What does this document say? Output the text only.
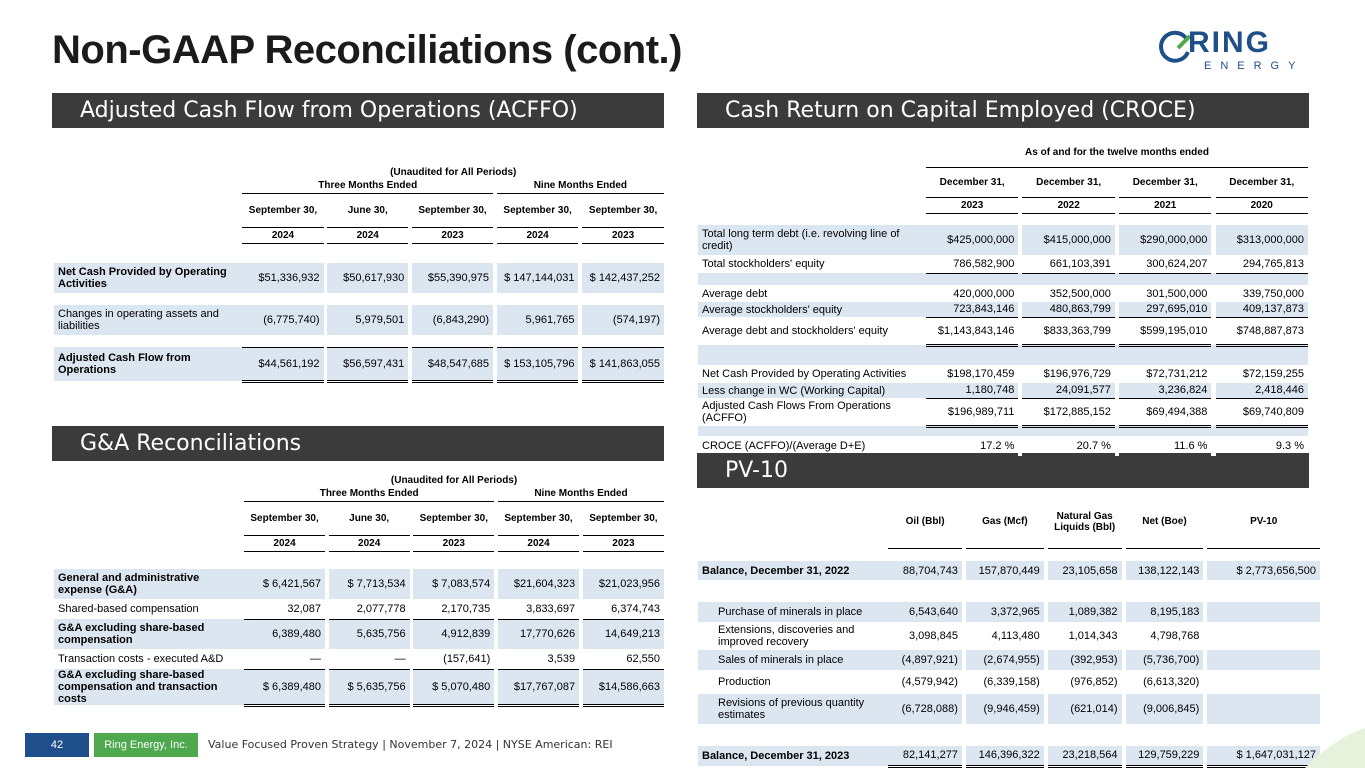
Non-GAAP Reconciliations (cont.)	RING
ENERGY
Adjusted Cash Flow from Operations (ACFFO)	Cash Return on Capital Employed (CROCE)
G&A Reconciliations
PV-10
	(Unaudited for All Periods)								
	Three Months Ended						Nine Months Ended		
	September 30,		June 30,		September 30,		September 30,		September 30,
	2024		2024		2023		2024		2023

Net Cash Provided by Operating Activities	$51,336,932		$50,617,930		$55,390,975		$ 147,144,031		$ 142,437,252

Changes in operating assets and liabilities	(6,775,740)		5,979,501		(6,843,290)		5,961,765		(574,197)

Adjusted Cash Flow from Operations	$44,561,192		$56,597,431		$48,547,685		$ 153,105,796		$ 141,863,055
	(Unaudited for All Periods)								
	Three Months Ended						Nine Months Ended		
	September 30,		June 30,		September 30,		September 30,		September 30,
	2024		2024		2023		2024		2023

General and administrative expense (G&A)	$ 6,421,567		$ 7,713,534		$ 7,083,574		$21,604,323		$21,023,956
Shared-based compensation	32,087		2,077,778		2,170,735		3,833,697		6,374,743
G&A excluding share-based compensation	6,389,480		5,635,756		4,912,839		17,770,626		14,649,213
Transaction costs - executed A&D	—		—		(157,641)		3,539		62,550
G&A excluding share-based compensation and transaction costs	$ 6,389,480		$ 5,635,756		$ 5,070,480		$17,767,087		$14,586,663
	As of and for the twelve months ended						
	December 31,		December 31,		December 31,		December 31,
	2023		2022		2021		2020

Total long term debt (i.e. revolving line of credit)	$425,000,000		$415,000,000		$290,000,000		$313,000,000
Total stockholders' equity	786,582,900		661,103,391		300,624,207		294,765,813

Average debt	420,000,000		352,500,000		301,500,000		339,750,000
Average stockholders' equity	723,843,146		480,863,799		297,695,010		409,137,873
Average debt and stockholders' equity	$1,143,843,146		$833,363,799		$599,195,010		$748,887,873

Net Cash Provided by Operating Activities	$198,170,459		$196,976,729		$72,731,212		$72,159,255
Less change in WC (Working Capital)	1,180,748		24,091,577		3,236,824		2,418,446
Adjusted Cash Flows From Operations (ACFFO)	$196,989,711		$172,885,152		$69,494,388		$69,740,809

CROCE (ACFFO)/(Average D+E)	17.2 %		20.7 %		11.6 %		9.3 %
	Oil (Bbl)		Gas (Mcf)		Natural Gas Liquids (Bbl)		Net (Boe)		PV-10

Balance, December 31, 2022	88,704,743		157,870,449		23,105,658		138,122,143		$ 2,773,656,500

Purchase of minerals in place	6,543,640		3,372,965		1,089,382		8,195,183		
Extensions, discoveries and improved recovery	3,098,845		4,113,480		1,014,343		4,798,768		
Sales of minerals in place	(4,897,921)		(2,674,955)		(392,953)		(5,736,700)		
Production	(4,579,942)		(6,339,158)		(976,852)		(6,613,320)		
Revisions of previous quantity estimates	(6,728,088)		(9,946,459)		(621,014)		(9,006,845)		

Balance, December 31, 2023	82,141,277		146,396,322		23,218,564		129,759,229		$ 1,647,031,127
42	Ring Energy, Inc.	Value Focused Proven Strategy | November 7, 2024 | NYSE American: REI
